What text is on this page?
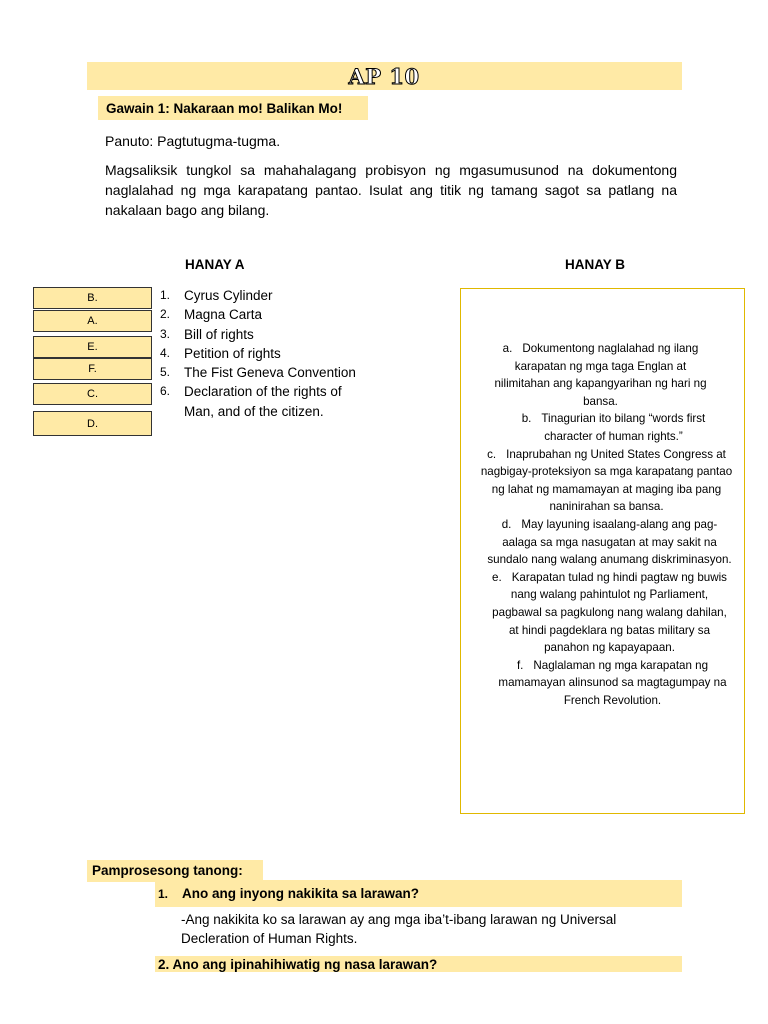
AP 10
Gawain 1: Nakaraan mo! Balikan Mo!
Panuto: Pagtutugma-tugma.
Magsaliksik tungkol sa mahahalagang probisyon ng mgasumusunod na dokumentong naglalahad ng mga karapatang pantao. Isulat ang titik ng tamang sagot sa patlang na nakalaan bago ang bilang.
HANAY A	HANAY B
B.
A.
E.
F.
C.
D.
1. Cyrus Cylinder
2. Magna Carta
3. Bill of rights
4. Petition of rights
5. The Fist Geneva Convention
6. Declaration of the rights of Man, and of the citizen.
a. Dokumentong naglalahad ng ilang karapatan ng mga taga Englan at nilimitahan ang kapangyarihan ng hari ng bansa.
b. Tinagurian ito bilang “words first character of human rights.”
c. Inaprubahan ng United States Congress at nagbigay-proteksiyon sa mga karapatang pantao ng lahat ng mamamayan at maging iba pang naninirahan sa bansa.
d. May layuning isaalang-alang ang pag-aalaga sa mga nasugatan at may sakit na sundalo nang walang anumang diskriminasyon.
e. Karapatan tulad ng hindi pagtaw ng buwis nang walang pahintulot ng Parliament, pagbawal sa pagkulong nang walang dahilan, at hindi pagdeklara ng batas military sa panahon ng kapayapaan.
f. Naglalaman ng mga karapatan ng mamamayan alinsunod sa magtagumpay na French Revolution.
Pamprosesong tanong:
1. Ano ang inyong nakikita sa larawan?
-Ang nakikita ko sa larawan ay ang mga iba’t-ibang larawan ng Universal Decleration of Human Rights.
2. Ano ang ipinahihiwatig ng nasa larawan?
